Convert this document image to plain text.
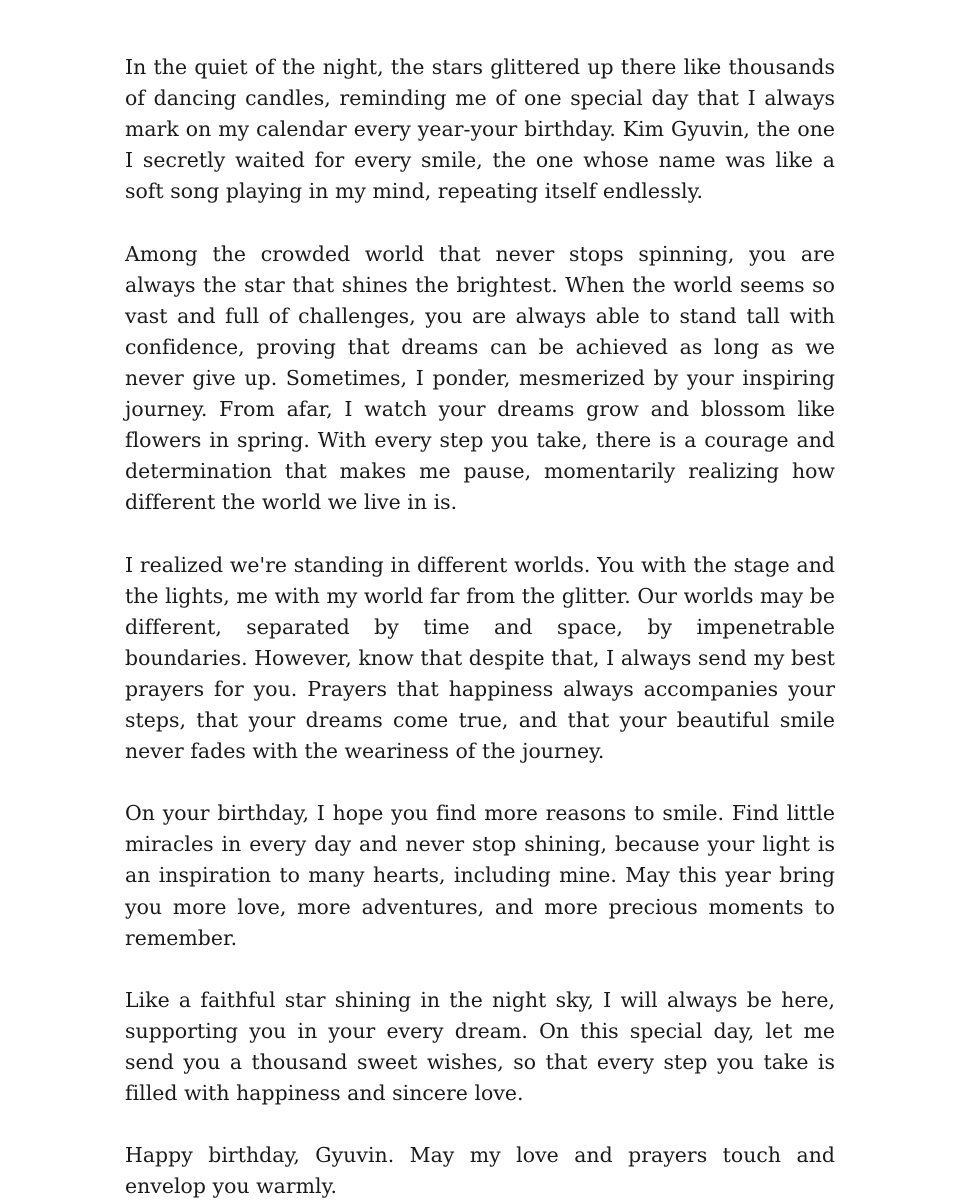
In the quiet of the night, the stars glittered up there like thousands of dancing candles, reminding me of one special day that I always mark on my calendar every year-your birthday. Kim Gyuvin, the one I secretly waited for every smile, the one whose name was like a soft song playing in my mind, repeating itself endlessly.

Among the crowded world that never stops spinning, you are always the star that shines the brightest. When the world seems so vast and full of challenges, you are always able to stand tall with confidence, proving that dreams can be achieved as long as we never give up. Sometimes, I ponder, mesmerized by your inspiring journey. From afar, I watch your dreams grow and blossom like flowers in spring. With every step you take, there is a courage and determination that makes me pause, momentarily realizing how different the world we live in is.

I realized we're standing in different worlds. You with the stage and the lights, me with my world far from the glitter. Our worlds may be different, separated by time and space, by impenetrable boundaries. However, know that despite that, I always send my best prayers for you. Prayers that happiness always accompanies your steps, that your dreams come true, and that your beautiful smile never fades with the weariness of the journey.

On your birthday, I hope you find more reasons to smile. Find little miracles in every day and never stop shining, because your light is an inspiration to many hearts, including mine. May this year bring you more love, more adventures, and more precious moments to remember.

Like a faithful star shining in the night sky, I will always be here, supporting you in your every dream. On this special day, let me send you a thousand sweet wishes, so that every step you take is filled with happiness and sincere love.

Happy birthday, Gyuvin. May my love and prayers touch and envelop you warmly.
